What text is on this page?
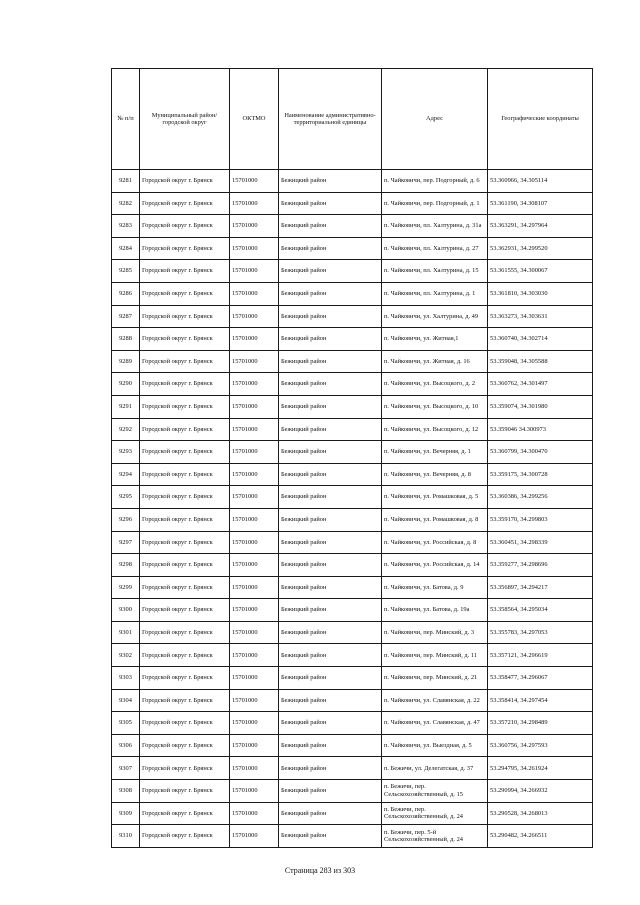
№ п/п	Муниципальный район/городской округ	ОКТМО	Наименование административно-территориальной единицы	Адрес	Географические координаты
9281	Городской округ г. Брянск	15701000	Бежицкий район	п. Чайковичи, пер. Подгорный, д. 6	53.360966, 34.305114
9282	Городской округ г. Брянск	15701000	Бежицкий район	п. Чайковичи, пер. Подгорный, д. 1	53.361190, 34.308107
9283	Городской округ г. Брянск	15701000	Бежицкий район	п. Чайковичи, пл. Халтурина, д. 31а	53.363291, 34.297964
9284	Городской округ г. Брянск	15701000	Бежицкий район	п. Чайковичи, пл. Халтурина, д. 27	53.362931, 34.299520
9285	Городской округ г. Брянск	15701000	Бежицкий район	п. Чайковичи, пл. Халтурина, д. 15	53.361555, 34.300067
9286	Городской округ г. Брянск	15701000	Бежицкий район	п. Чайковичи, пл. Халтурина, д. 1	53.361810, 34.303030
9287	Городской округ г. Брянск	15701000	Бежицкий район	п. Чайковичи, ул. Халтурина, д. 49	53.363273, 34.303631
9288	Городской округ г. Брянск	15701000	Бежицкий район	п. Чайковичи, ул. Житная,1	53.360740, 34.302714
9289	Городской округ г. Брянск	15701000	Бежицкий район	п. Чайковичи, ул. Житная, д. 16	53.359048, 34.305588
9290	Городской округ г. Брянск	15701000	Бежицкий район	п. Чайковичи, ул. Высоцкого, д. 2	53.360762, 34.301497
9291	Городской округ г. Брянск	15701000	Бежицкий район	п. Чайковичи, ул. Высоцкого, д. 10	53.359074, 34.301980
9292	Городской округ г. Брянск	15701000	Бежицкий район	п. Чайковичи, ул. Высоцкого, д. 12	53.359046 34.300973
9293	Городской округ г. Брянск	15701000	Бежицкий район	п. Чайковичи, ул. Вечерняя, д. 1	53.360799, 34.300470
9294	Городской округ г. Брянск	15701000	Бежицкий район	п. Чайковичи, ул. Вечерняя, д. 8	53.359175, 34.300728
9295	Городской округ г. Брянск	15701000	Бежицкий район	п. Чайковичи, ул. Ромашковая, д. 5	53.360386, 34.299256
9296	Городской округ г. Брянск	15701000	Бежицкий район	п. Чайковичи, ул. Ромашковая, д. 8	53.359170, 34.299803
9297	Городской округ г. Брянск	15701000	Бежицкий район	п. Чайковичи, ул. Российская, д. 8	53.360451, 34.298339
9298	Городской округ г. Брянск	15701000	Бежицкий район	п. Чайковичи, ул. Российская, д. 14	53.359277, 34.298696
9299	Городской округ г. Брянск	15701000	Бежицкий район	п. Чайковичи, ул. Батова, д. 9	53.356897, 34.294217
9300	Городской округ г. Брянск	15701000	Бежицкий район	п. Чайковичи, ул. Батова, д. 19а	53.358564, 34.295034
9301	Городской округ г. Брянск	15701000	Бежицкий район	п. Чайковичи, пер. Минский, д. 3	53.355783, 34.297053
9302	Городской округ г. Брянск	15701000	Бежицкий район	п. Чайковичи, пер. Минский, д. 11	53.357121, 34.296619
9303	Городской округ г. Брянск	15701000	Бежицкий район	п. Чайковичи, пер. Минский, д. 21	53.358477, 34.296067
9304	Городской округ г. Брянск	15701000	Бежицкий район	п. Чайковичи, ул. Славянская, д. 22	53.358414, 34.297454
9305	Городской округ г. Брянск	15701000	Бежицкий район	п. Чайковичи, ул. Славянская, д. 47	53.357210, 34.298489
9306	Городской округ г. Брянск	15701000	Бежицкий район	п. Чайковичи, ул. Выездная, д. 5	53.360756, 34.297593
9307	Городской округ г. Брянск	15701000	Бежицкий район	п. Бежичи, ул. Делегатская, д. 37	53.294795, 34.261924
9308	Городской округ г. Брянск	15701000	Бежицкий район	п. Бежичи, пер. Сельскохозяйственный, д. 15	53.290994, 34.266932
9309	Городской округ г. Брянск	15701000	Бежицкий район	п. Бежичи, пер. Сельскохозяйственный, д. 24	53.290528, 34.268013
9310	Городской округ г. Брянск	15701000	Бежицкий район	п. Бежичи, пер. 5-й Сельскохозяйственный, д. 24	53.290482, 34.266511
Страница 283 из 303
